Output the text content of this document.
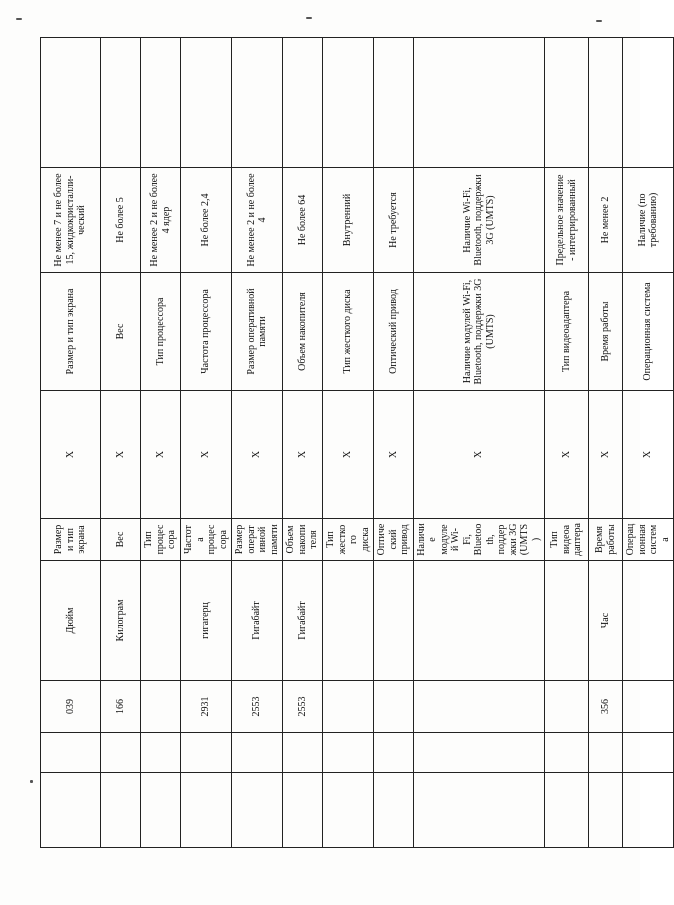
		039	Дюйм	Размер и тип экрана	X	Размер и тип экрана	Не менее 7 и не более 15, жидкокристалли-ческий	
		166	Килограм	Вес	X	Вес	Не более 5	
				Тип процессора	X	Тип процессора	Не менее 2 и не более 4 ядер	
		2931	гигагерц	Частота процессора	X	Частота процессора	Не более 2,4	
		2553	Гигабайт	Размер оперативной памяти	X	Размер оперативной памяти	Не менее 2 и не более 4	
		2553	Гигабайт	Объем накопителя	X	Объем накопителя	Не более 64	
				Тип жесткого диска	X	Тип жесткого диска	Внутренний	
				Оптический привод	X	Оптический привод	Не требуется	
				Наличие модулей Wi-Fi, Bluetooth, поддержки 3G (UMTS)	X	Наличие модулей Wi-Fi, Bluetooth, поддержки 3G (UMTS)	Наличие Wi-Fi, Bluetooth, поддержки 3G (UMTS)	
				Тип видеоадаптера	X	Тип видеоадаптера	Предельное значение - интегрированный	
		356	Час	Время работы	X	Время работы	Не менее 2	
				Операционная система	X	Операционная система	Наличие (по требованию)	
